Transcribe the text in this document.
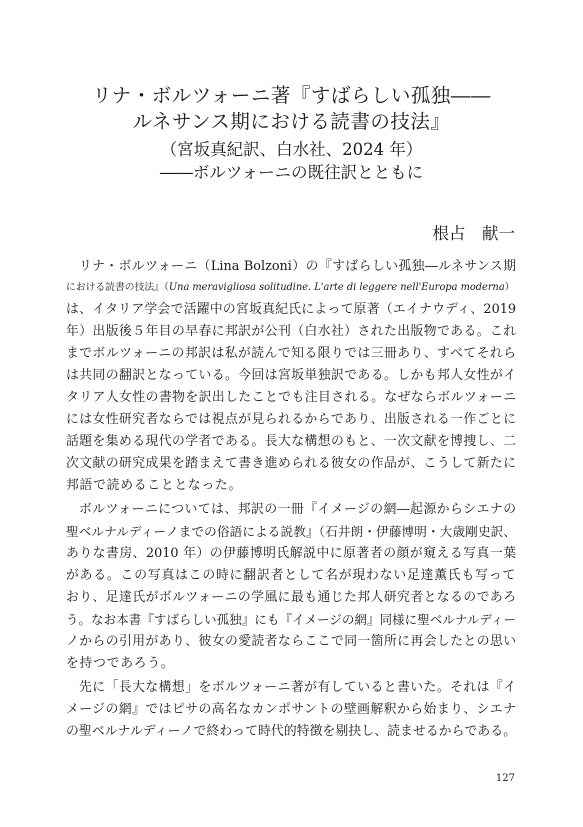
リナ・ボルツォーニ著『すばらしい孤独――
ルネサンス期における読書の技法』
（宮坂真紀訳、白水社、2024 年）
――ボルツォーニの既往訳とともに
根占　献一
リナ・ボルツォーニ（Lina Bolzoni）の『すばらしい孤独―ルネサンス期
における読書の技法』（Una meravigliosa solitudine. L'arte di leggere nell'Europa moderna）
は、イタリア学会で活躍中の宮坂真紀氏によって原著（エイナウディ、2019
年）出版後５年目の早春に邦訳が公刊（白水社）された出版物である。これ
までボルツォーニの邦訳は私が読んで知る限りでは三冊あり、すべてそれら
は共同の翻訳となっている。今回は宮坂単独訳である。しかも邦人女性がイ
タリア人女性の書物を訳出したことでも注目される。なぜならボルツォーニ
には女性研究者ならでは視点が見られるからであり、出版される一作ごとに
話題を集める現代の学者である。長大な構想のもと、一次文献を博捜し、二
次文献の研究成果を踏まえて書き進められる彼女の作品が、こうして新たに
邦語で読めることとなった。
ボルツォーニについては、邦訳の一冊『イメージの網―起源からシエナの
聖ベルナルディーノまでの俗語による説教』（石井朗・伊藤博明・大歳剛史訳、
ありな書房、2010 年）の伊藤博明氏解説中に原著者の顔が窺える写真一葉
がある。この写真はこの時に翻訳者として名が現わない足達薫氏も写って
おり、足達氏がボルツォーニの学風に最も通じた邦人研究者となるのであろ
う。なお本書『すばらしい孤独』にも『イメージの網』同様に聖ベルナルディー
ノからの引用があり、彼女の愛読者ならここで同一箇所に再会したとの思い
を持つであろう。
先に「長大な構想」をボルツォーニ著が有していると書いた。それは『イ
メージの網』ではピサの高名なカンポサントの壁画解釈から始まり、シエナ
の聖ベルナルディーノで終わって時代的特徴を剔抉し、読ませるからである。
127
